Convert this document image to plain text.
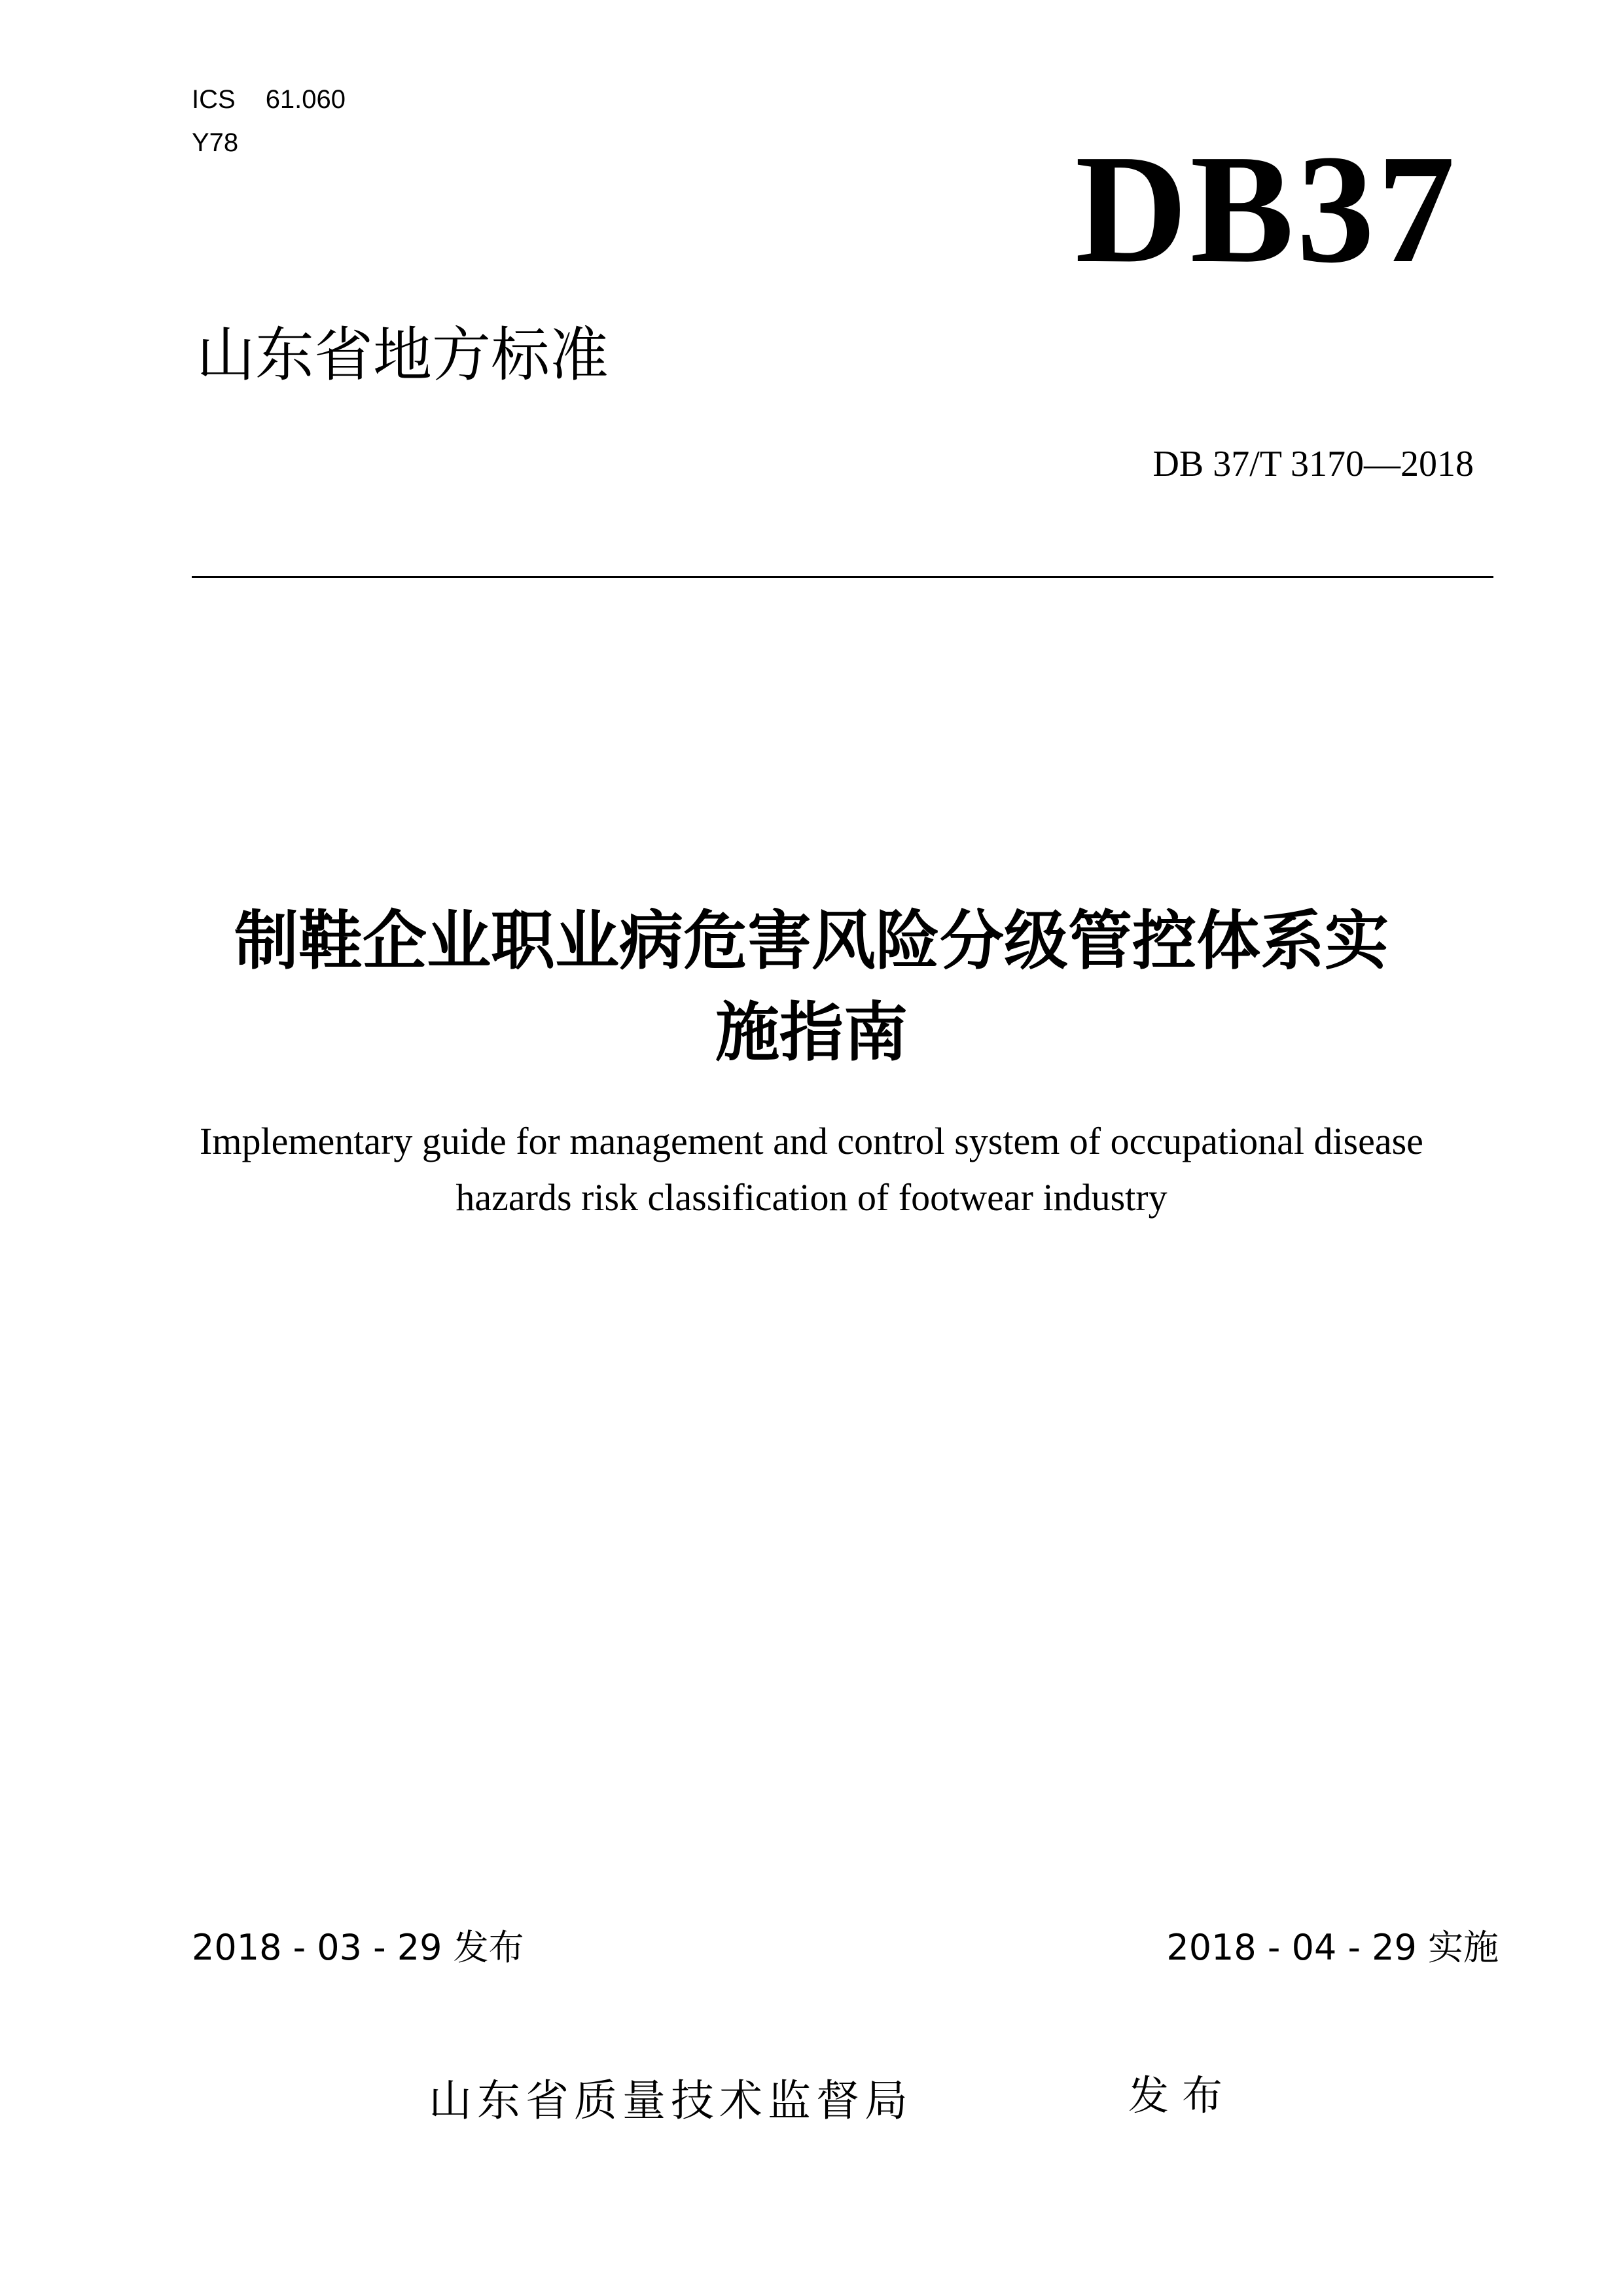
ICS 61.060
Y78	DB37
山东省地方标准
DB 37/T 3170—2018
制鞋企业职业病危害风险分级管控体系实
施指南
Implementary guide for management and control system of occupational disease
hazards risk classification of footwear industry
2018 - 03 - 29 发布	2018 - 04 - 29 实施
山东省质量技术监督局	发布
